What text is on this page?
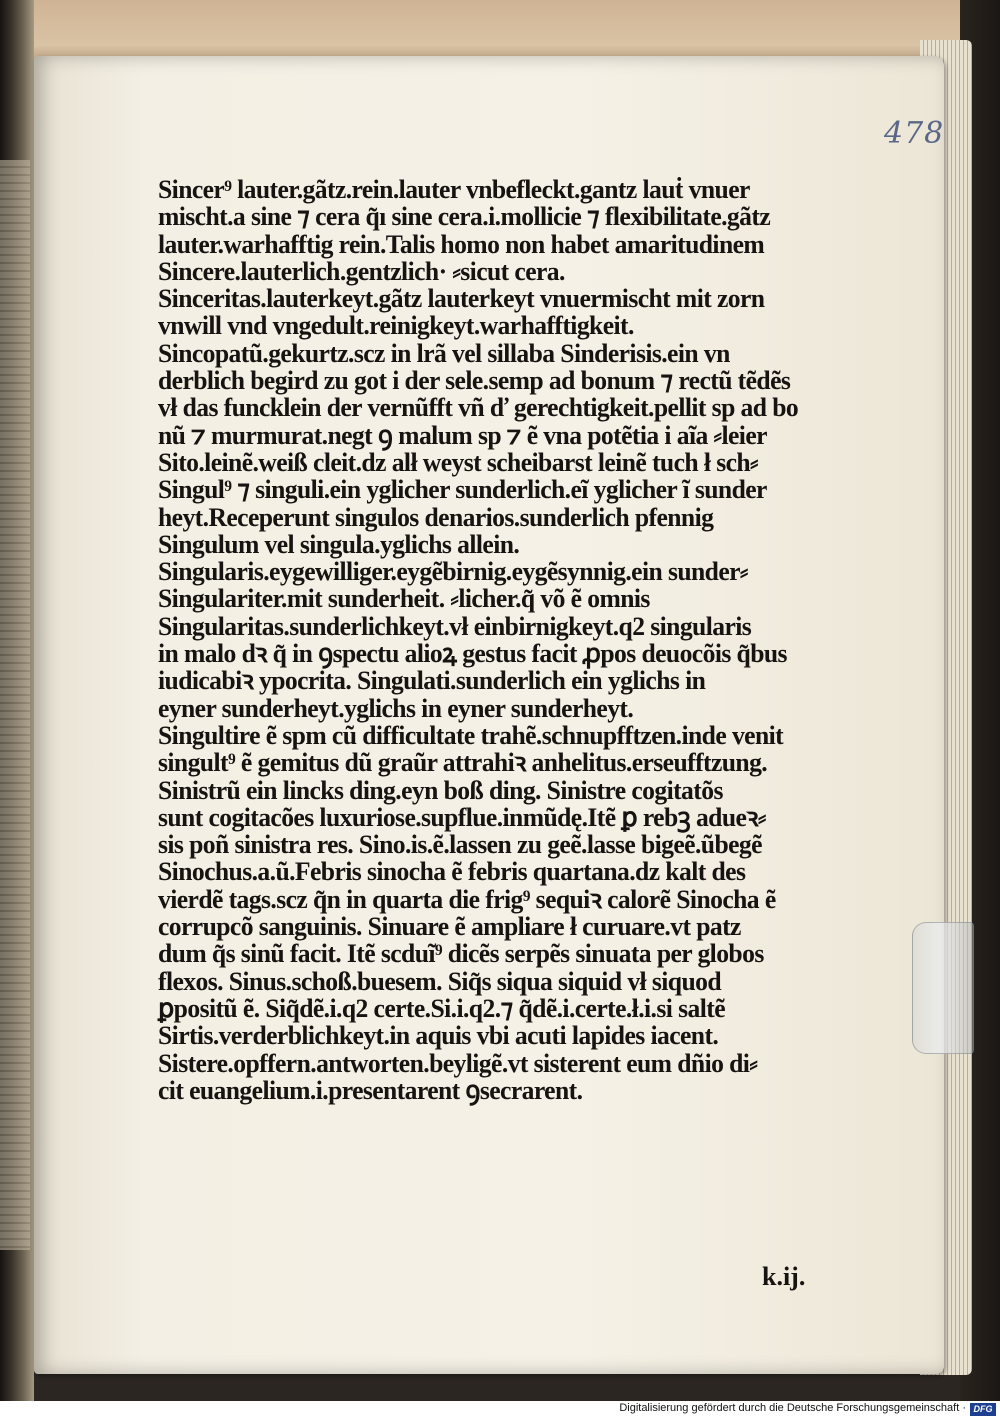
478
Sincer⁹ lauter.gãtz.rein.lauter vnbefleckt.gantz lauṫ vnuer
mischt.a sine ⁊ cera q̃ı sine cera.i.mollicie ⁊ flexibilitate.gãtz
lauter.warhafftig rein.Talis homo non habet amaritudinem
Sincere.lauterlich.gentzlich· ⸗sicut cera.
Sinceritas.lauterkeyt.gãtz lauterkeyt vnuermischt mit zorn
vnwill vnd vngedult.reinigkeyt.warhafftigkeit.
Sincopatũ.gekurtz.scz in lrã vel sillaba Sinderisis.ein vn
derblich begird zu got i der sele.semp ad bonum ⁊ rectũ tẽdẽs
vł das funcklein der vernũfft vñ ď gerechtigkeit.pellit sp ad bo
nũ ⁊ murmurat.negt ꝯ malum sp ⁊ ẽ vna potẽtia i aĩa ⸗leier
Sito.leinẽ.weiß cleit.dz alł weyst scheibarst leinẽ tuch ł sch⸗
Singul⁹ ⁊ singuli.ein yglicher sunderlich.eĩ yglicher ĩ sunder
heyt.Receperunt singulos denarios.sunderlich pfennig
Singulum vel singula.yglichs allein.
Singularis.eygewilliger.eygẽbirnig.eygẽsynnig.ein sunder⸗
Singulariter.mit sunderheit. ⸗licher.q̃ võ ẽ omnis
Singularitas.sunderlichkeyt.vł einbirnigkeyt.q2 singularis
in malo dꝛ q̃ in ꝯspectu alioꝝ gestus facit ꝓpos deuocõis q̃bus
iudicabiꝛ ypocrita. Singulati.sunderlich ein yglichs in
eyner sunderheyt.yglichs in eyner sunderheyt.
Singultire ẽ spm cũ difficultate trahẽ.schnupfftzen.inde venit
singult⁹ ẽ gemitus dũ graũr attrahiꝛ anhelitus.erseufftzung.
Sinistrũ ein lincks ding.eyn boß ding. Sinistre cogitatõs
sunt cogitacões luxuriose.supflue.inmũdę.Itẽ ꝑ rebꝫ adueꝛ⸗
sis poñ sinistra res. Sino.is.ẽ.lassen zu geẽ.lasse bigeẽ.ũbegẽ
Sinochus.a.ũ.Febris sinocha ẽ febris quartana.dz kalt des
vierdẽ tags.scz q̃n in quarta die frig⁹ sequiꝛ calorẽ Sinocha ẽ
corrupcõ sanguinis. Sinuare ẽ ampliare ł curuare.vt patz
dum q̃s sinũ facit. Itẽ scduĩ⁹ dicẽs serpẽs sinuata per globos
flexos. Sinus.schoß.buesem. Siq̃s siqua siquid vł siquod
ꝑpositũ ẽ. Siq̃dẽ.i.q2 certe.Si.i.q2.⁊ q̃dẽ.i.certe.ł.i.si saltẽ
Sirtis.verderblichkeyt.in aquis vbi acuti lapides iacent.
Sistere.opffern.antworten.beyligẽ.vt sisterent eum dñio di⸗
cit euangelium.i.presentarent ꝯsecrarent.
k.ij.
Digitalisierung gefördert durch die Deutsche Forschungsgemeinschaft · DFG
